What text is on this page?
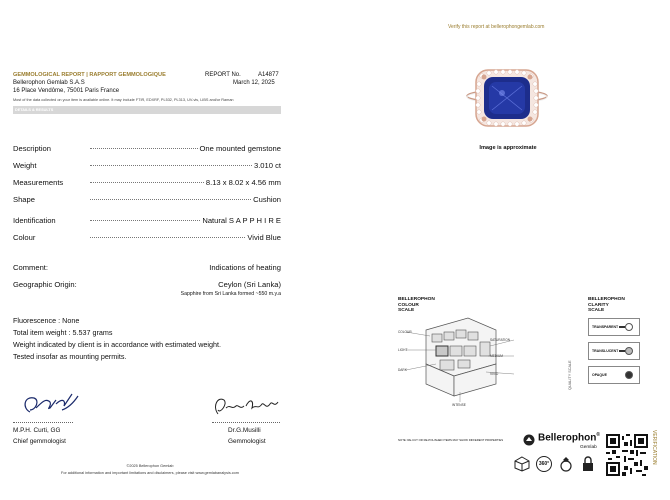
Verify this report at bellerophongemlab.com
GEMMOLOGICAL REPORT | RAPPORT GEMMOLOGIQUE	REPORT No.	A14877
Bellerophon Gemlab S.A.S	March 12, 2025
16 Place Vendôme, 75001 Paris France
Most of the data collected on your item is available online. It may include FTIR, EDXRF, PL532, PL313, UV-vis, LIBS and/or Raman
DETAILS & RESULTS
Description	One mounted gemstone
Weight	3.010 ct
Measurements	8.13 x 8.02 x 4.56 mm
Shape	Cushion
Identification	Natural S A P P H I R E
Colour	Vivid Blue
Comment:	Indications of heating
Geographic Origin:	Ceylon (Sri Lanka)
Sapphire from Sri Lanka formed ~550 m.y.a
Fluorescence : None
Total item weight : 5.537 grams
Weight indicated by client is in accordance with estimated weight.
Tested insofar as mounting permits.
M.P.H. Curti, GG
Chief gemmologist
Dr.G.Musilli
Gemmologist
©2025 Bellerophon Gemlab
For additional information and important limitations and disclaimers, please visit www.gemlabanalysis.com
Image is approximate
BELLEROPHON
COLOUR
SCALE
COLOUR
SATURATION
LIGHT
DARK
MEDIUM
VIVID
INTENSE
NOTE: RE-CUT OR RE-POLISHED ITEMS MAY SHOW DIFFERENT PROPERTIES
BELLEROPHON
CLARITY
SCALE
QUALITY SCALE
TRANSPARENT
TRANSLUCENT
OPAQUE
Bellerophon®
Gemlab
360°	VERIFICATION
